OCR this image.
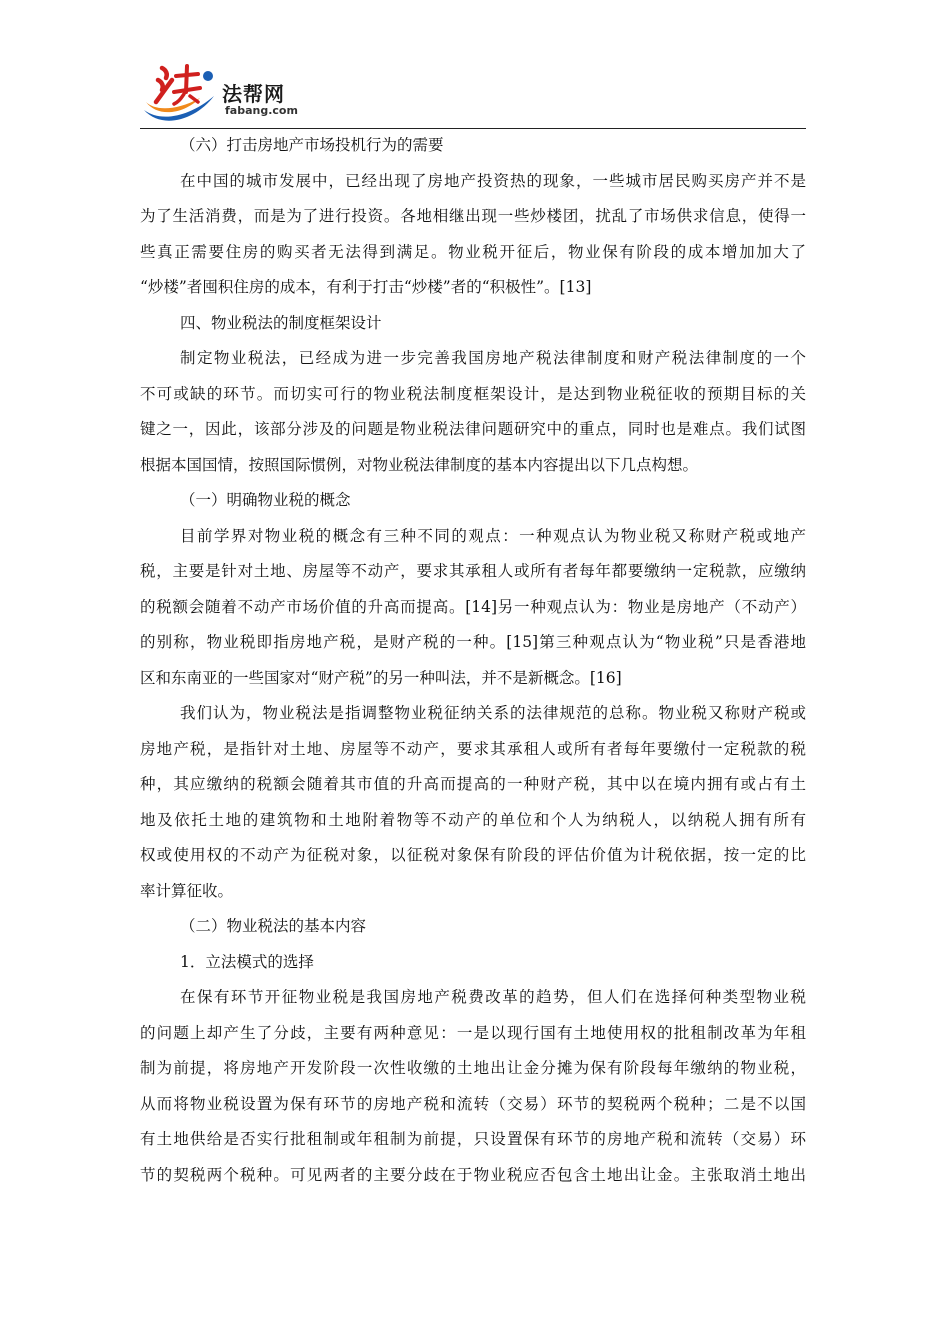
法帮网
fabang.com
（六）打击房地产市场投机行为的需要
在中国的城市发展中，已经出现了房地产投资热的现象，一些城市居民购买房产并不是
为了生活消费，而是为了进行投资。各地相继出现一些炒楼团，扰乱了市场供求信息，使得一
些真正需要住房的购买者无法得到满足。物业税开征后，物业保有阶段的成本增加加大了
“炒楼”者囤积住房的成本，有利于打击“炒楼”者的“积极性”。[13]
四、物业税法的制度框架设计
制定物业税法，已经成为进一步完善我国房地产税法律制度和财产税法律制度的一个
不可或缺的环节。而切实可行的物业税法制度框架设计，是达到物业税征收的预期目标的关
键之一，因此，该部分涉及的问题是物业税法律问题研究中的重点，同时也是难点。我们试图
根据本国国情，按照国际惯例，对物业税法律制度的基本内容提出以下几点构想。
（一）明确物业税的概念
目前学界对物业税的概念有三种不同的观点：一种观点认为物业税又称财产税或地产
税，主要是针对土地、房屋等不动产，要求其承租人或所有者每年都要缴纳一定税款，应缴纳
的税额会随着不动产市场价值的升高而提高。[14]另一种观点认为：物业是房地产（不动产）
的别称，物业税即指房地产税，是财产税的一种。[15]第三种观点认为“物业税”只是香港地
区和东南亚的一些国家对“财产税”的另一种叫法，并不是新概念。[16]
我们认为，物业税法是指调整物业税征纳关系的法律规范的总称。物业税又称财产税或
房地产税，是指针对土地、房屋等不动产，要求其承租人或所有者每年要缴付一定税款的税
种，其应缴纳的税额会随着其市值的升高而提高的一种财产税，其中以在境内拥有或占有土
地及依托土地的建筑物和土地附着物等不动产的单位和个人为纳税人，以纳税人拥有所有
权或使用权的不动产为征税对象，以征税对象保有阶段的评估价值为计税依据，按一定的比
率计算征收。
（二）物业税法的基本内容
1．立法模式的选择
在保有环节开征物业税是我国房地产税费改革的趋势，但人们在选择何种类型物业税
的问题上却产生了分歧，主要有两种意见：一是以现行国有土地使用权的批租制改革为年租
制为前提，将房地产开发阶段一次性收缴的土地出让金分摊为保有阶段每年缴纳的物业税，
从而将物业税设置为保有环节的房地产税和流转（交易）环节的契税两个税种；二是不以国
有土地供给是否实行批租制或年租制为前提，只设置保有环节的房地产税和流转（交易）环
节的契税两个税种。可见两者的主要分歧在于物业税应否包含土地出让金。主张取消土地出
